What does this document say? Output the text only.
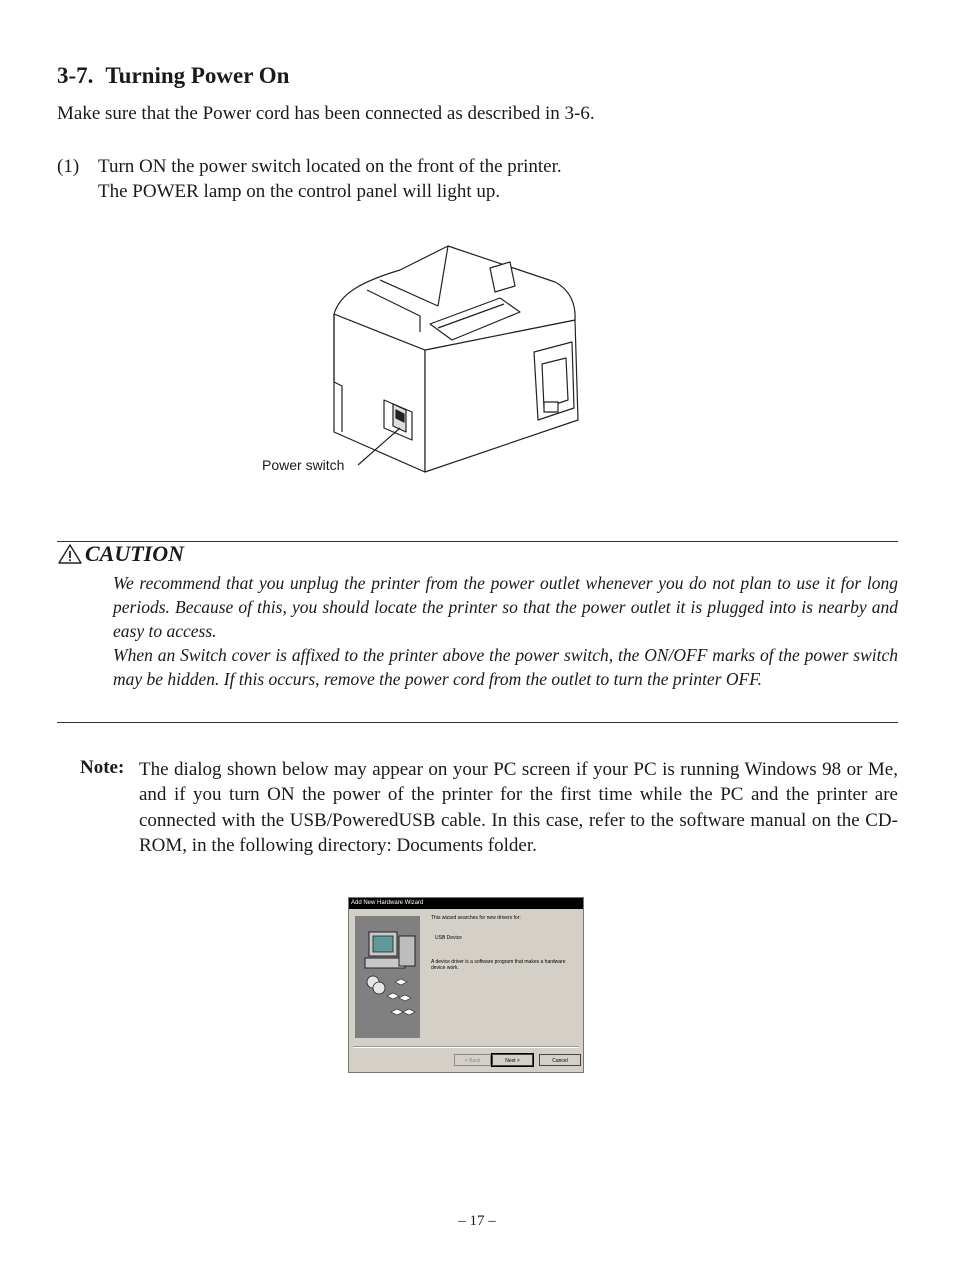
3-7. Turning Power On
Make sure that the Power cord has been connected as described in 3-6.
(1) Turn ON the power switch located on the front of the printer.
The POWER lamp on the control panel will light up.
Power switch
CAUTION

We recommend that you unplug the printer from the power outlet whenever you do not plan to use it for long periods. Because of this, you should locate the printer so that the power outlet it is plugged into is nearby and easy to access.

When an Switch cover is affixed to the printer above the power switch, the ON/OFF marks of the power switch may be hidden. If this occurs, remove the power cord from the outlet to turn the printer OFF.

Note: The dialog shown below may appear on your PC screen if your PC is running Windows 98 or Me, and if you turn ON the power of the printer for the first time while the PC and the printer are connected with the USB/PoweredUSB cable. In this case, refer to the software manual on the CD-ROM, in the following directory: Documents folder.
Add New Hardware Wizard
This wizard searches for new drivers for:
USB Device
A device driver is a software program that makes a hardware device work.
< Back	Next >	Cancel
– 17 –
